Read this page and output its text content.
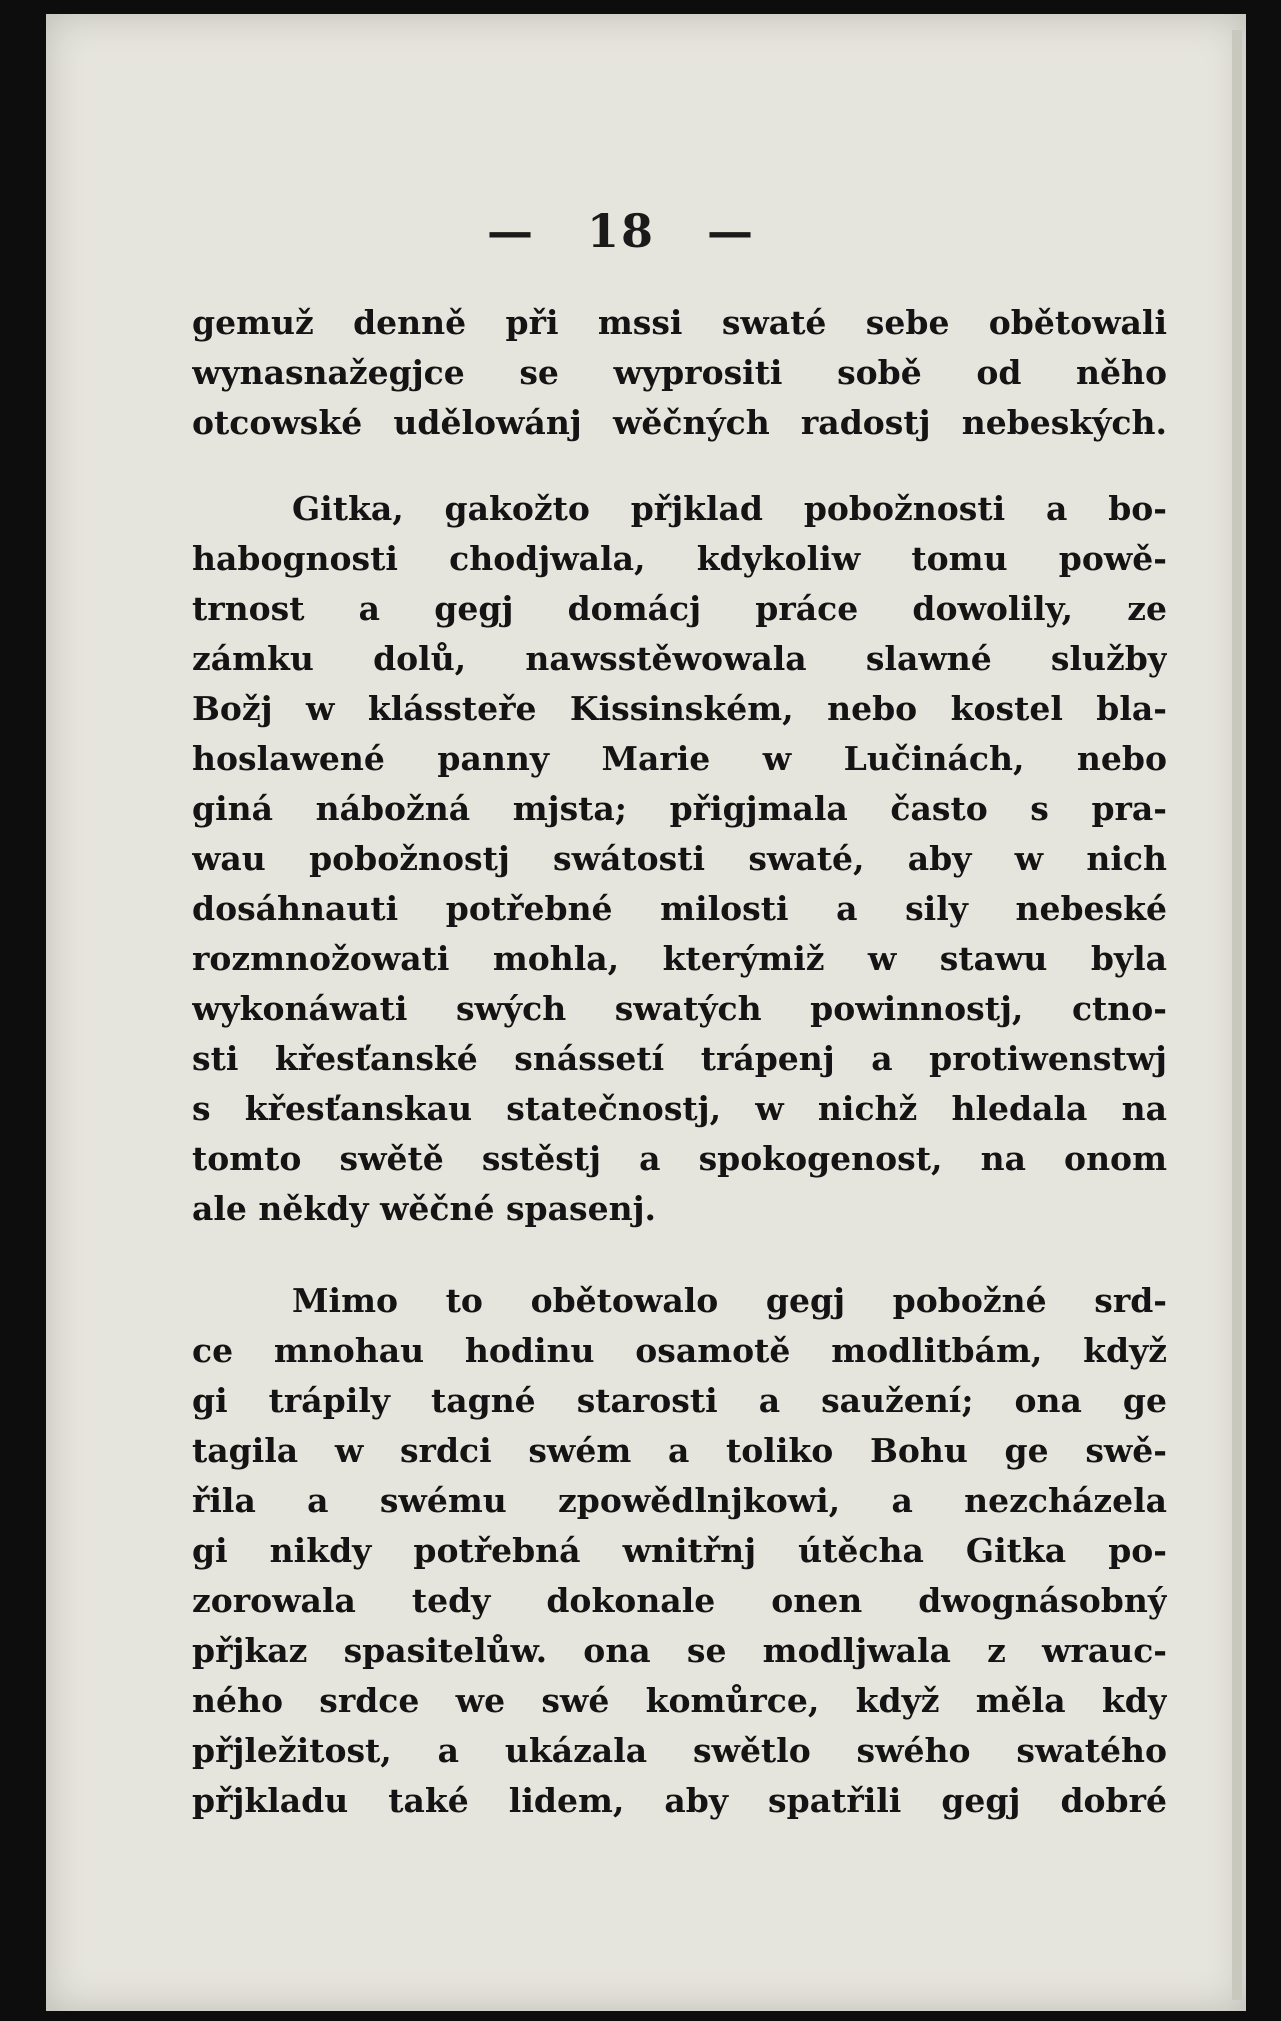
— 18 —
gemuž denně při mssi swaté sebe obětowali
wynasnažegjce se wyprositi sobě od něho
otcowské udělowánj wěčných radostj nebeských.
Gitka, gakožto přjklad pobožnosti a bo-
habognosti chodjwala, kdykoliw tomu powě-
trnost a gegj domácj práce dowolily, ze
zámku dolů, nawsstěwowala slawné služby
Božj w klássteře Kissinském, nebo kostel bla-
hoslawené panny Marie w Lučinách, nebo
giná nábožná mjsta; přigjmala často s pra-
wau pobožnostj swátosti swaté, aby w nich
dosáhnauti potřebné milosti a sily nebeské
rozmnožowati mohla, kterýmiž w stawu byla
wykonáwati swých swatých powinnostj, ctno-
sti křesťanské snássetí trápenj a protiwenstwj
s křesťanskau statečnostj, w nichž hledala na
tomto swětě sstěstj a spokogenost, na onom
ale někdy wěčné spasenj.
Mimo to obětowalo gegj pobožné srd-
ce mnohau hodinu osamotě modlitbám, když
gi trápily tagné starosti a saužení; ona ge
tagila w srdci swém a toliko Bohu ge swě-
řila a swému zpowědlnjkowi, a nezcházela
gi nikdy potřebná wnitřnj útěcha Gitka po-
zorowala tedy dokonale onen dwognásobný
přjkaz spasitelůw. ona se modljwala z wrauc-
ného srdce we swé komůrce, když měla kdy
přjležitost, a ukázala swětlo swého swatého
přjkladu také lidem, aby spatřili gegj dobré
